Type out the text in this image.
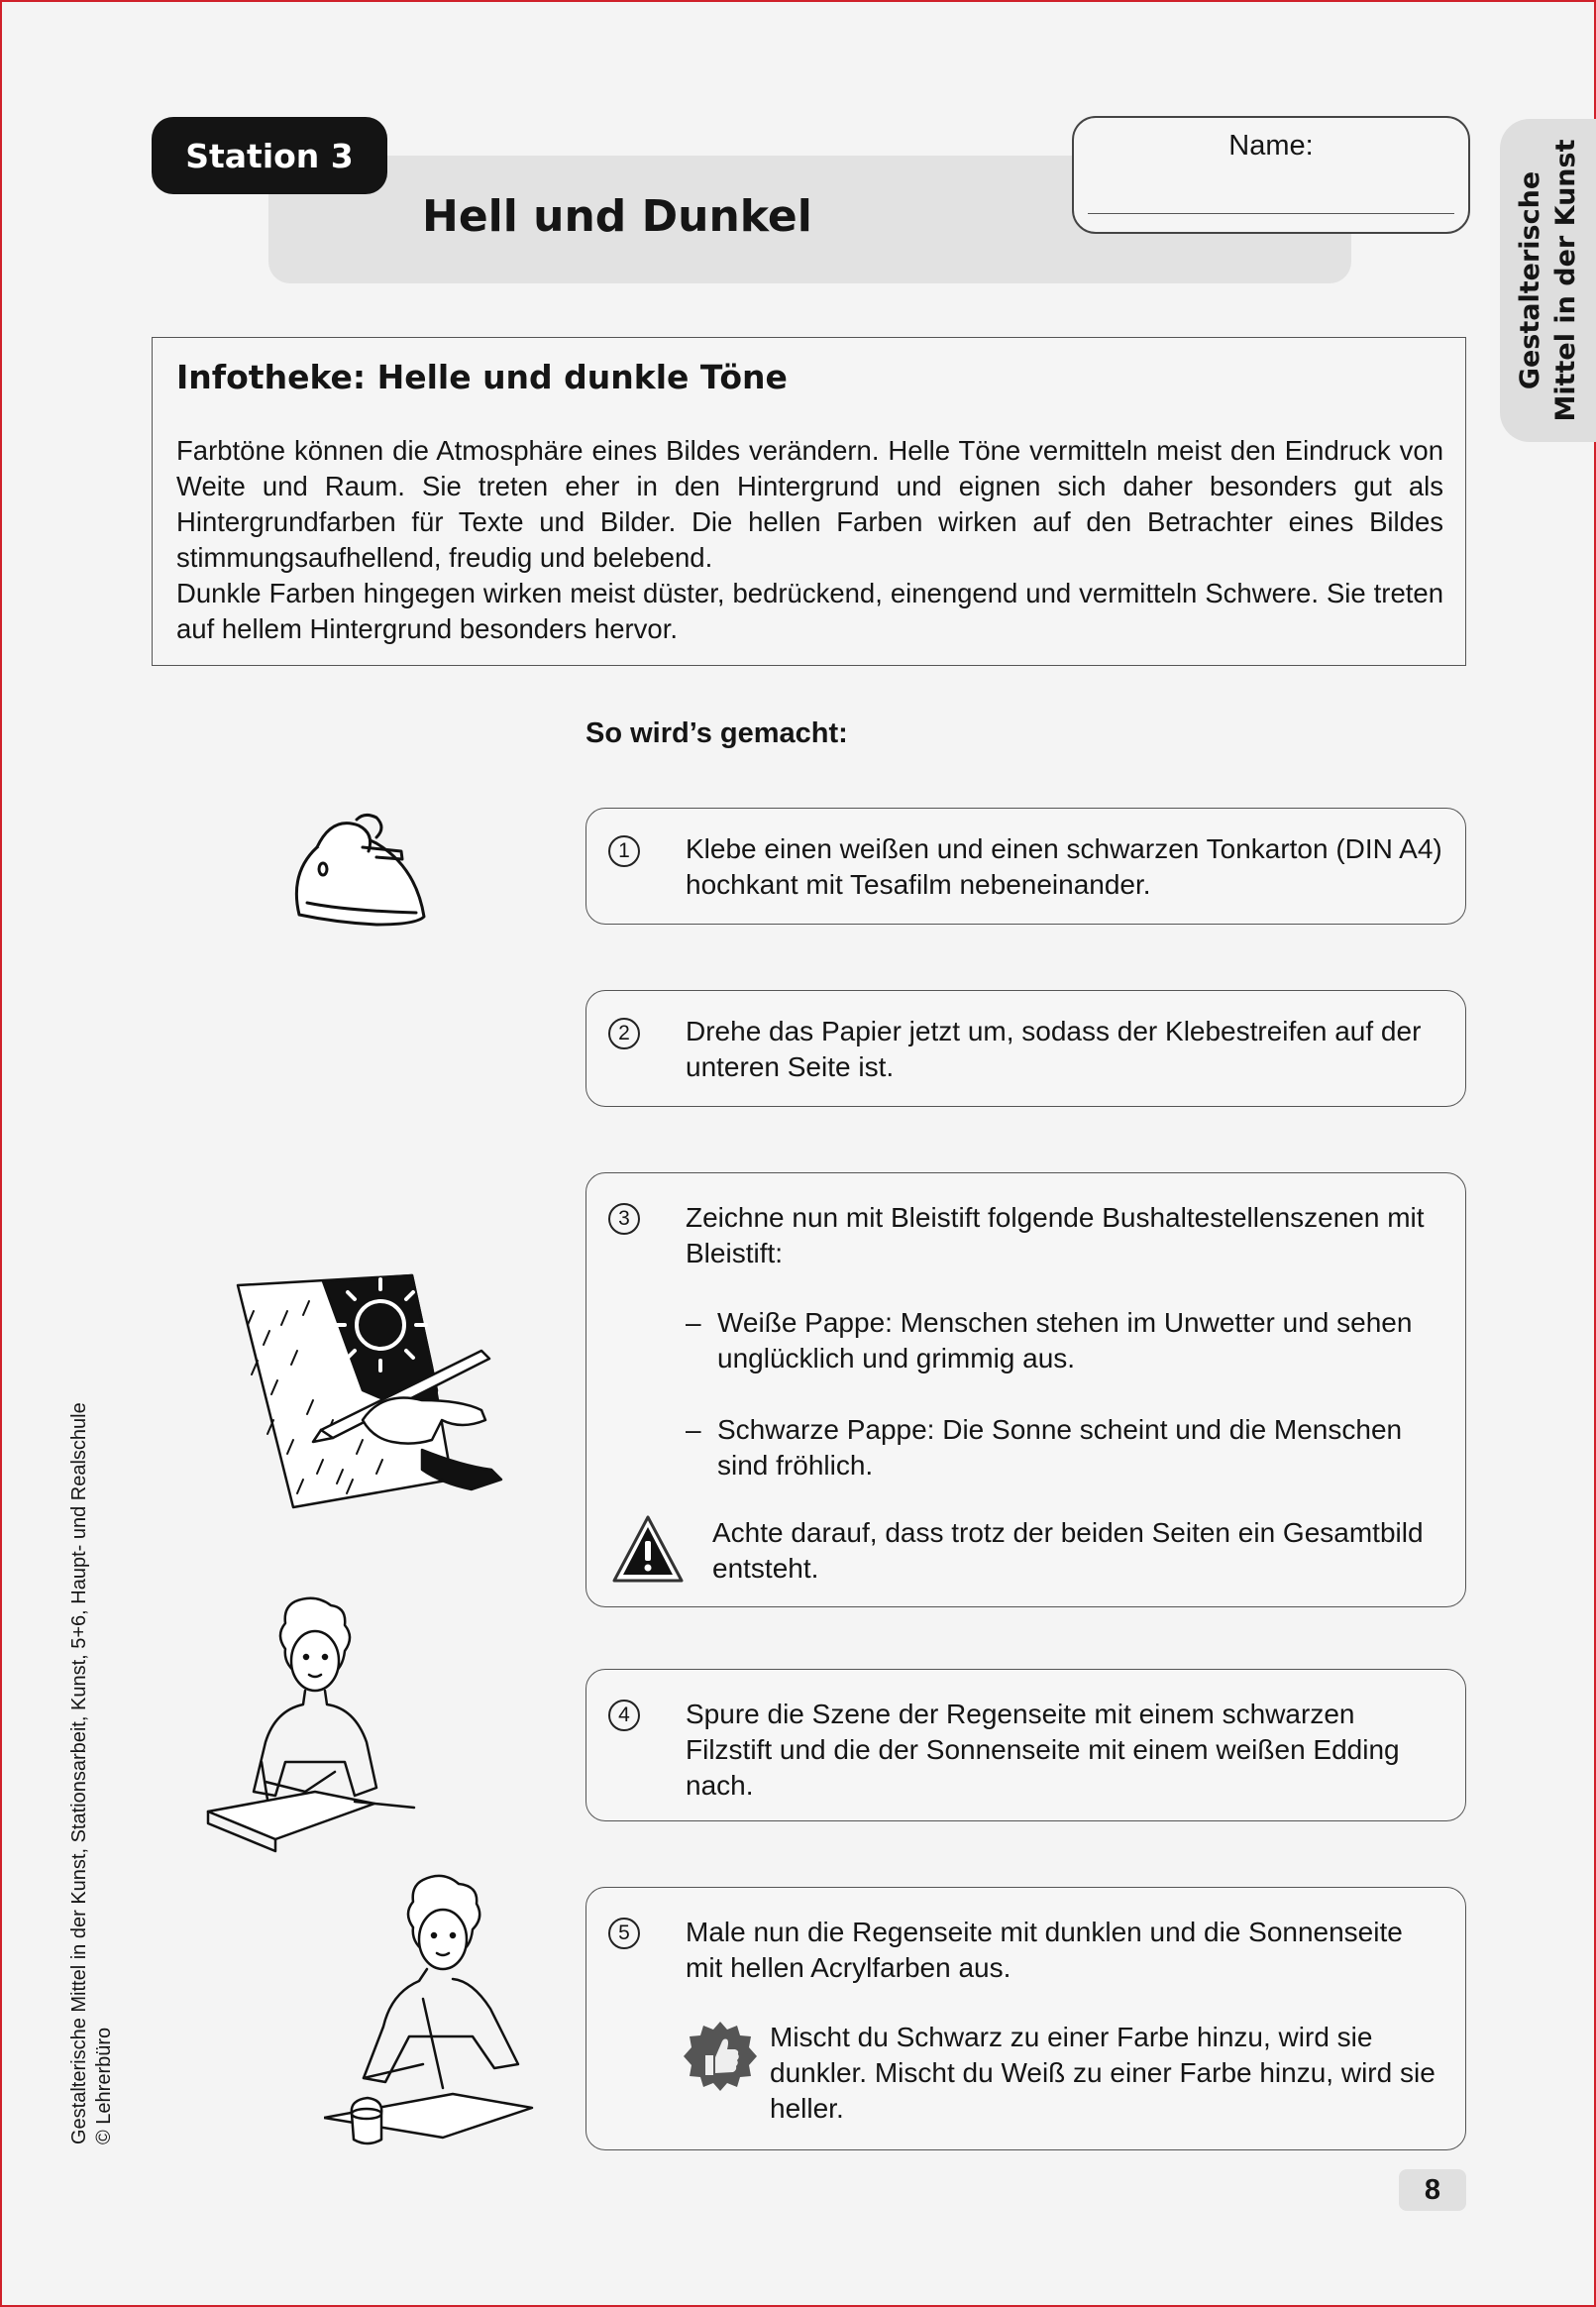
Station 3
Hell und Dunkel
Name:
Gestalterische Mittel in der Kunst
Infotheke: Helle und dunkle Töne

Farbtöne können die Atmosphäre eines Bildes verändern. Helle Töne vermitteln meist den Eindruck von Weite und Raum. Sie treten eher in den Hintergrund und eignen sich daher besonders gut als Hintergrundfarben für Texte und Bilder. Die hellen Farben wirken auf den Betrachter eines Bildes stimmungsaufhellend, freudig und belebend.

Dunkle Farben hingegen wirken meist düster, bedrückend, einengend und vermitteln Schwere. Sie treten auf hellem Hintergrund besonders hervor.

So wird’s gemacht:
1	Klebe einen weißen und einen schwarzen Tonkarton (DIN A4) hochkant mit Tesafilm nebeneinander.
2	Drehe das Papier jetzt um, sodass der Klebestreifen auf der unteren Seite ist.
3	Zeichne nun mit Bleistift folgende Bushaltestellenszenen mit Bleistift:
– Weiße Pappe: Menschen stehen im Unwetter und sehen unglücklich und grimmig aus.
– Schwarze Pappe: Die Sonne scheint und die Menschen sind fröhlich.
Achte darauf, dass trotz der beiden Seiten ein Gesamtbild entsteht.
4	Spure die Szene der Regenseite mit einem schwarzen Filzstift und die der Sonnenseite mit einem weißen Edding nach.
5	Male nun die Regenseite mit dunklen und die Sonnenseite mit hellen Acrylfarben aus.
Mischt du Schwarz zu einer Farbe hinzu, wird sie dunkler. Mischt du Weiß zu einer Farbe hinzu, wird sie heller.
Gestalterische Mittel in der Kunst, Stationsarbeit, Kunst, 5+6, Haupt- und Realschule © Lehrerbüro
8
